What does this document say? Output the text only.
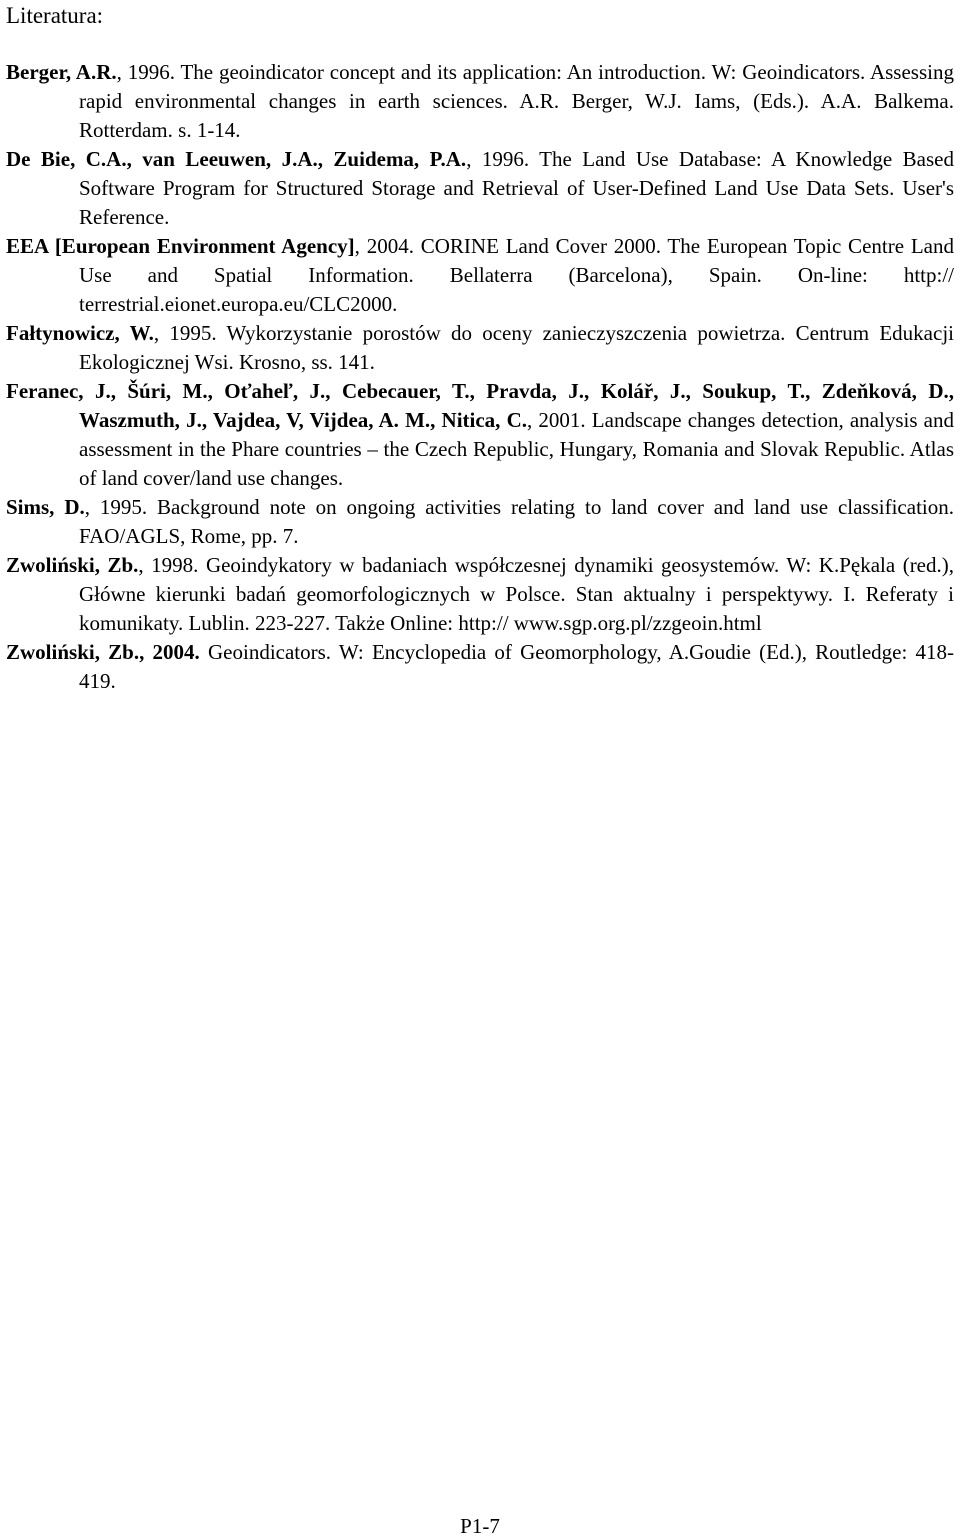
Literatura:

Berger, A.R., 1996. The geoindicator concept and its application: An introduction. W: Geoindicators. Assessing rapid environmental changes in earth sciences. A.R. Berger, W.J. Iams, (Eds.). A.A. Balkema. Rotterdam. s. 1-14.

De Bie, C.A., van Leeuwen, J.A., Zuidema, P.A., 1996. The Land Use Database: A Knowledge Based Software Program for Structured Storage and Retrieval of User-Defined Land Use Data Sets. User's Reference.

EEA [European Environment Agency], 2004. CORINE Land Cover 2000. The European Topic Centre Land Use and Spatial Information. Bellaterra (Barcelona), Spain. On-line: http:// terrestrial.eionet.europa.eu/CLC2000.

Fałtynowicz, W., 1995. Wykorzystanie porostów do oceny zanieczyszczenia powietrza. Centrum Edukacji Ekologicznej Wsi. Krosno, ss. 141.

Feranec, J., Šúri, M., Oťaheľ, J., Cebecauer, T., Pravda, J., Kolář, J., Soukup, T., Zdeňková, D., Waszmuth, J., Vajdea, V, Vijdea, A. M., Nitica, C., 2001. Landscape changes detection, analysis and assessment in the Phare countries – the Czech Republic, Hungary, Romania and Slovak Republic. Atlas of land cover/land use changes.

Sims, D., 1995. Background note on ongoing activities relating to land cover and land use classification. FAO/AGLS, Rome, pp. 7.

Zwoliński, Zb., 1998. Geoindykatory w badaniach współczesnej dynamiki geosystemów. W: K.Pękala (red.), Główne kierunki badań geomorfologicznych w Polsce. Stan aktualny i perspektywy. I. Referaty i komunikaty. Lublin. 223-227. Także Online: http:// www.sgp.org.pl/zzgeoin.html

Zwoliński, Zb., 2004. Geoindicators. W: Encyclopedia of Geomorphology, A.Goudie (Ed.), Routledge: 418-419.

P1-7
